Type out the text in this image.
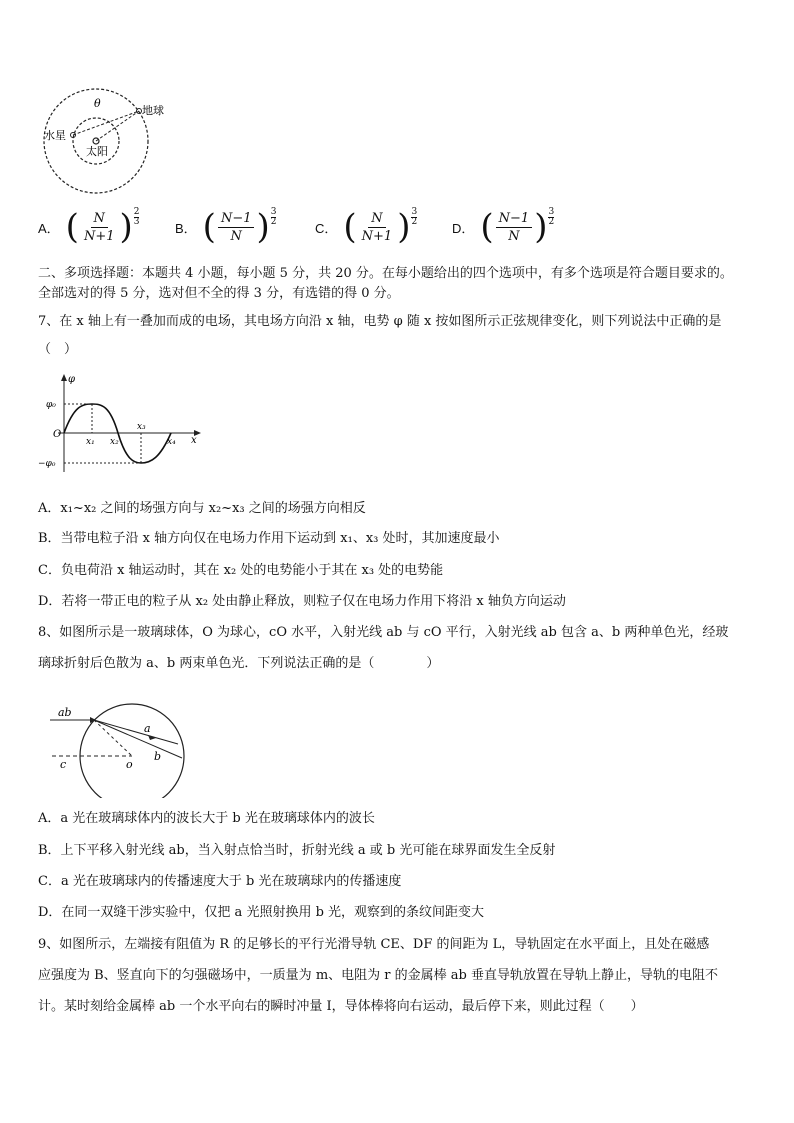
θ
地球
水星
太阳
A． ( $\frac{N}{N+1}$ ) 2
3	B． ( $\frac{N-1}{N}$ ) 3
2	C． ( $\frac{N}{N+1}$ ) 3
2	D． ( $\frac{N-1}{N}$ ) 3
2
二、多项选择题：本题共 4 小题，每小题 5 分，共 20 分。在每小题给出的四个选项中，有多个选项是符合题目要求的。
全部选对的得 5 分，选对但不全的得 3 分，有选错的得 0 分。
7、在 x 轴上有一叠加而成的电场，其电场方向沿 x 轴，电势 φ 随 x 按如图所示正弦规律变化，则下列说法中正确的是
（　）
φ
φ₀
−φ₀
O
x
x₁ x₂
x₃
x₄
A．x₁~x₂ 之间的场强方向与 x₂~x₃ 之间的场强方向相反
B．当带电粒子沿 x 轴方向仅在电场力作用下运动到 x₁、x₃ 处时，其加速度最小
C．负电荷沿 x 轴运动时，其在 x₂ 处的电势能小于其在 x₃ 处的电势能
D．若将一带正电的粒子从 x₂ 处由静止释放，则粒子仅在电场力作用下将沿 x 轴负方向运动
8、如图所示是一玻璃球体，O 为球心，cO 水平，入射光线 ab 与 cO 平行，入射光线 ab 包含 a、b 两种单色光，经玻
璃球折射后色散为 a、b 两束单色光．下列说法正确的是（　　　　）
ab
c	o
a
b
A．a 光在玻璃球体内的波长大于 b 光在玻璃球体内的波长
B．上下平移入射光线 ab，当入射点恰当时，折射光线 a 或 b 光可能在球界面发生全反射
C．a 光在玻璃球内的传播速度大于 b 光在玻璃球内的传播速度
D．在同一双缝干涉实验中，仅把 a 光照射换用 b 光，观察到的条纹间距变大
9、如图所示，左端接有阻值为 R 的足够长的平行光滑导轨 CE、DF 的间距为 L，导轨固定在水平面上，且处在磁感
应强度为 B、竖直向下的匀强磁场中，一质量为 m、电阻为 r 的金属棒 ab 垂直导轨放置在导轨上静止，导轨的电阻不
计。某时刻给金属棒 ab 一个水平向右的瞬时冲量 I，导体棒将向右运动，最后停下来，则此过程（　　）
